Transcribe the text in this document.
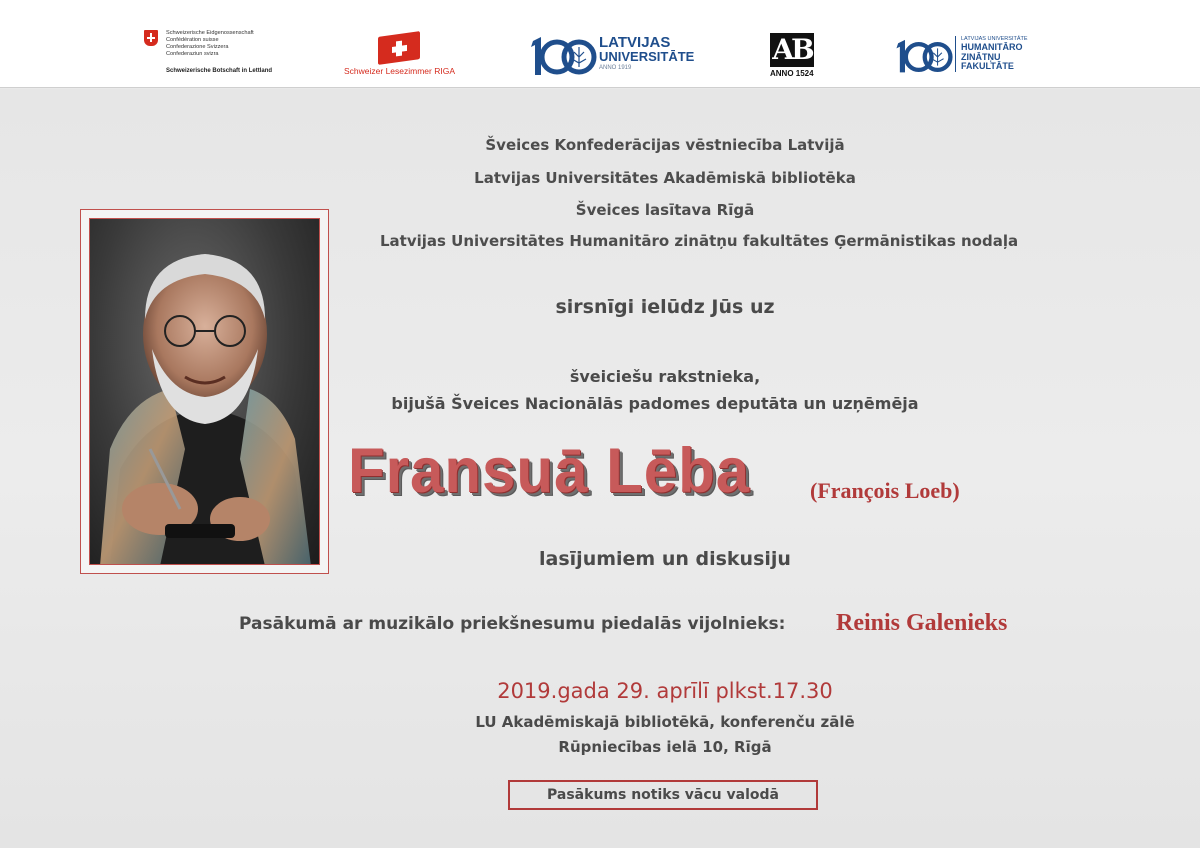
Schweizerische Eidgenossenschaft
Confédération suisse
Confederazione Svizzera
Confederaziun svizra
Schweizerische Botschaft in Lettland	Schweizer Lesezimmer RIGA
LATVIJAS
UNIVERSITĀTE
ANNO 1919
AB
ANNO 1524
LATVIJAS UNIVERSITĀTE
HUMANITĀRO
ZINĀTŅU
FAKULTĀTE
Šveices Konfederācijas vēstniecība Latvijā
Latvijas Universitātes Akadēmiskā bibliotēka
Šveices lasītava Rīgā
Latvijas Universitātes Humanitāro zinātņu fakultātes Ģermānistikas nodaļa
sirsnīgi ielūdz Jūs uz
šveiciešu rakstnieka,
bijušā Šveices Nacionālās padomes deputāta un uzņēmēja
Fransuā Lēba	(François Loeb)
lasījumiem un diskusiju
Pasākumā ar muzikālo priekšnesumu piedalās vijolnieks: Reinis Galenieks
2019.gada 29. aprīlī plkst.17.30
LU Akadēmiskajā bibliotēkā, konferenču zālē
Rūpniecības ielā 10, Rīgā
Pasākums notiks vācu valodā
